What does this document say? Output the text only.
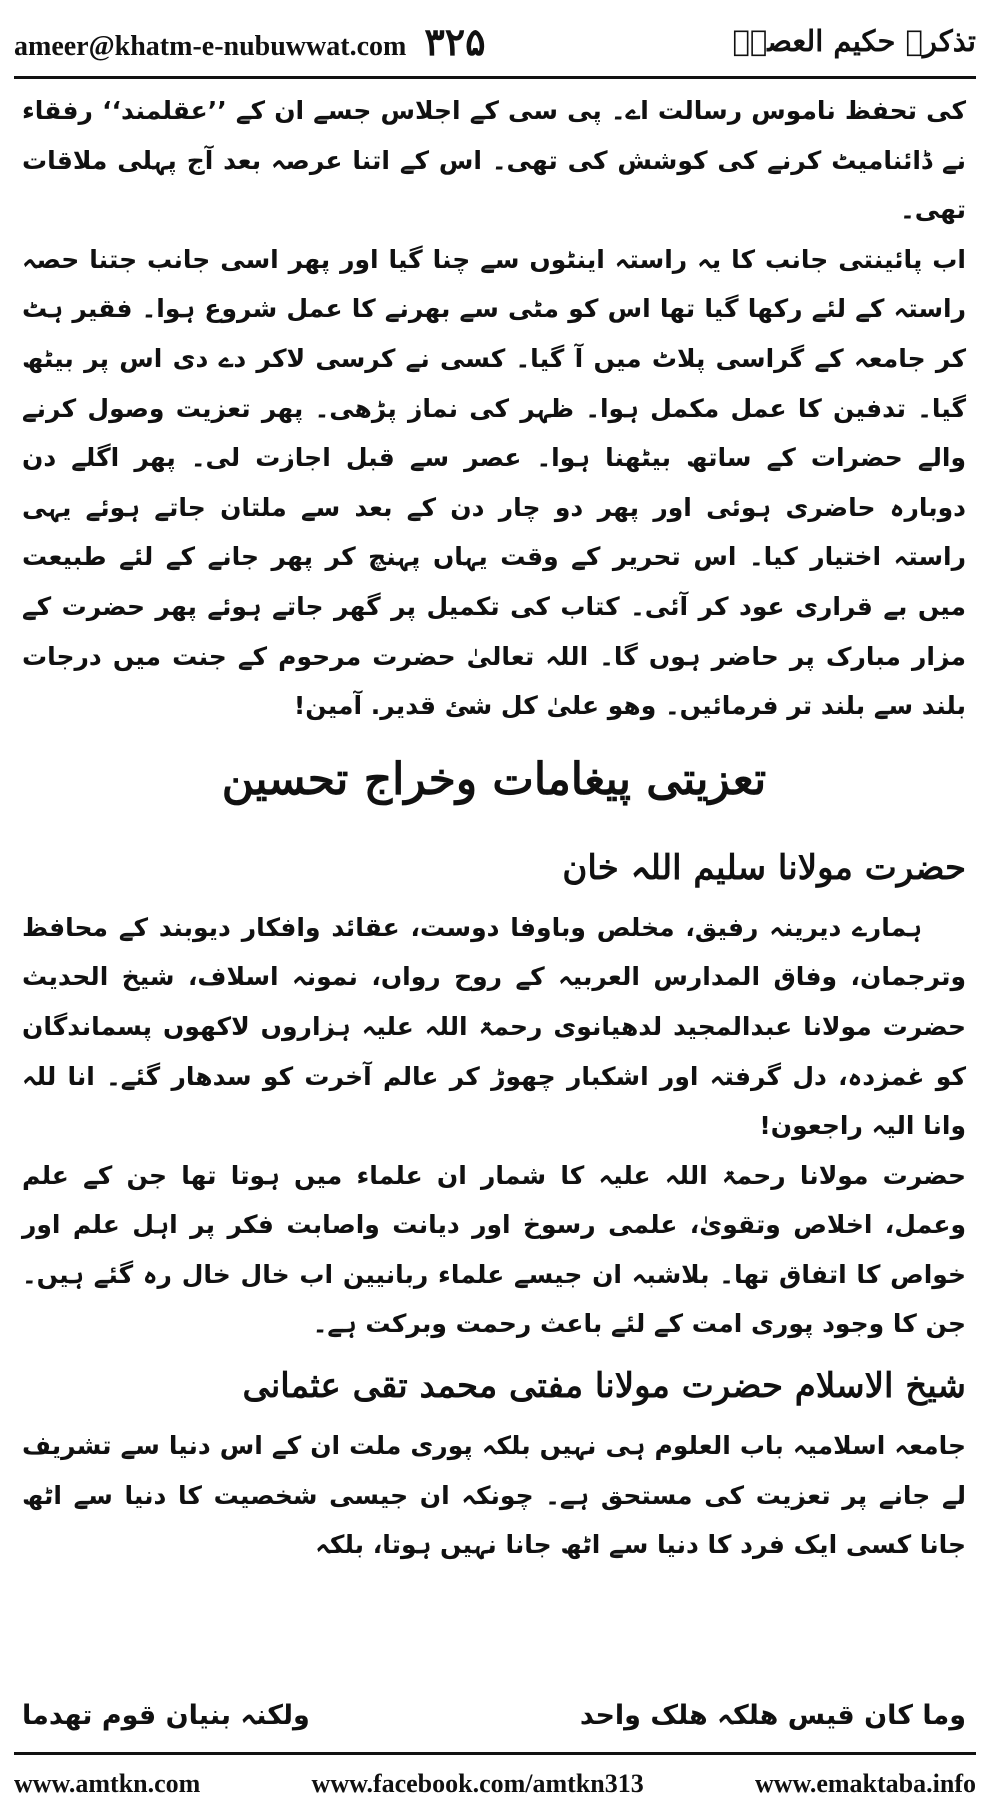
ameer@khatm-e-nubuwwat.com ۳۲۵	تذکرہ حکیم العصرؒ

کی تحفظ ناموس رسالت اے۔ پی سی کے اجلاس جسے ان کے ’’عقلمند‘‘ رفقاء نے ڈائنامیٹ کرنے کی کوشش کی تھی۔ اس کے اتنا عرصہ بعد آج پہلی ملاقات تھی۔

اب پائینتی جانب کا یہ راستہ اینٹوں سے چنا گیا اور پھر اسی جانب جتنا حصہ راستہ کے لئے رکھا گیا تھا اس کو مٹی سے بھرنے کا عمل شروع ہوا۔ فقیر ہٹ کر جامعہ کے گراسی پلاٹ میں آ گیا۔ کسی نے کرسی لاکر دے دی اس پر بیٹھ گیا۔ تدفین کا عمل مکمل ہوا۔ ظہر کی نماز پڑھی۔ پھر تعزیت وصول کرنے والے حضرات کے ساتھ بیٹھنا ہوا۔ عصر سے قبل اجازت لی۔ پھر اگلے دن دوبارہ حاضری ہوئی اور پھر دو چار دن کے بعد سے ملتان جاتے ہوئے یہی راستہ اختیار کیا۔ اس تحریر کے وقت یہاں پہنچ کر پھر جانے کے لئے طبیعت میں بے قراری عود کر آئی۔ کتاب کی تکمیل پر گھر جاتے ہوئے پھر حضرت کے مزار مبارک پر حاضر ہوں گا۔ اللہ تعالیٰ حضرت مرحوم کے جنت میں درجات بلند سے بلند تر فرمائیں۔ وھو علیٰ کل شئ قدیر. آمین!

تعزیتی پیغامات وخراج تحسین
حضرت مولانا سلیم اللہ خان

ہمارے دیرینہ رفیق، مخلص وباوفا دوست، عقائد وافکار دیوبند کے محافظ وترجمان، وفاق المدارس العربیہ کے روح رواں، نمونہ اسلاف، شیخ الحدیث حضرت مولانا عبدالمجید لدھیانوی رحمۃ اللہ علیہ ہزاروں لاکھوں پسماندگان کو غمزدہ، دل گرفتہ اور اشکبار چھوڑ کر عالم آخرت کو سدھار گئے۔ انا للہ وانا الیہ راجعون!

حضرت مولانا رحمۃ اللہ علیہ کا شمار ان علماء میں ہوتا تھا جن کے علم وعمل، اخلاص وتقویٰ، علمی رسوخ اور دیانت واصابت فکر پر اہل علم اور خواص کا اتفاق تھا۔ بلاشبہ ان جیسے علماء ربانیین اب خال خال رہ گئے ہیں۔ جن کا وجود پوری امت کے لئے باعث رحمت وبرکت ہے۔

شیخ الاسلام حضرت مولانا مفتی محمد تقی عثمانی

جامعہ اسلامیہ باب العلوم ہی نہیں بلکہ پوری ملت ان کے اس دنیا سے تشریف لے جانے پر تعزیت کی مستحق ہے۔ چونکہ ان جیسی شخصیت کا دنیا سے اٹھ جانا کسی ایک فرد کا دنیا سے اٹھ جانا نہیں ہوتا، بلکہ

وما کان قیس ھلکہ ھلک واحد
ولکنہ بنیان قوم تھدما
www.amtkn.com	www.facebook.com/amtkn313	www.emaktaba.info
